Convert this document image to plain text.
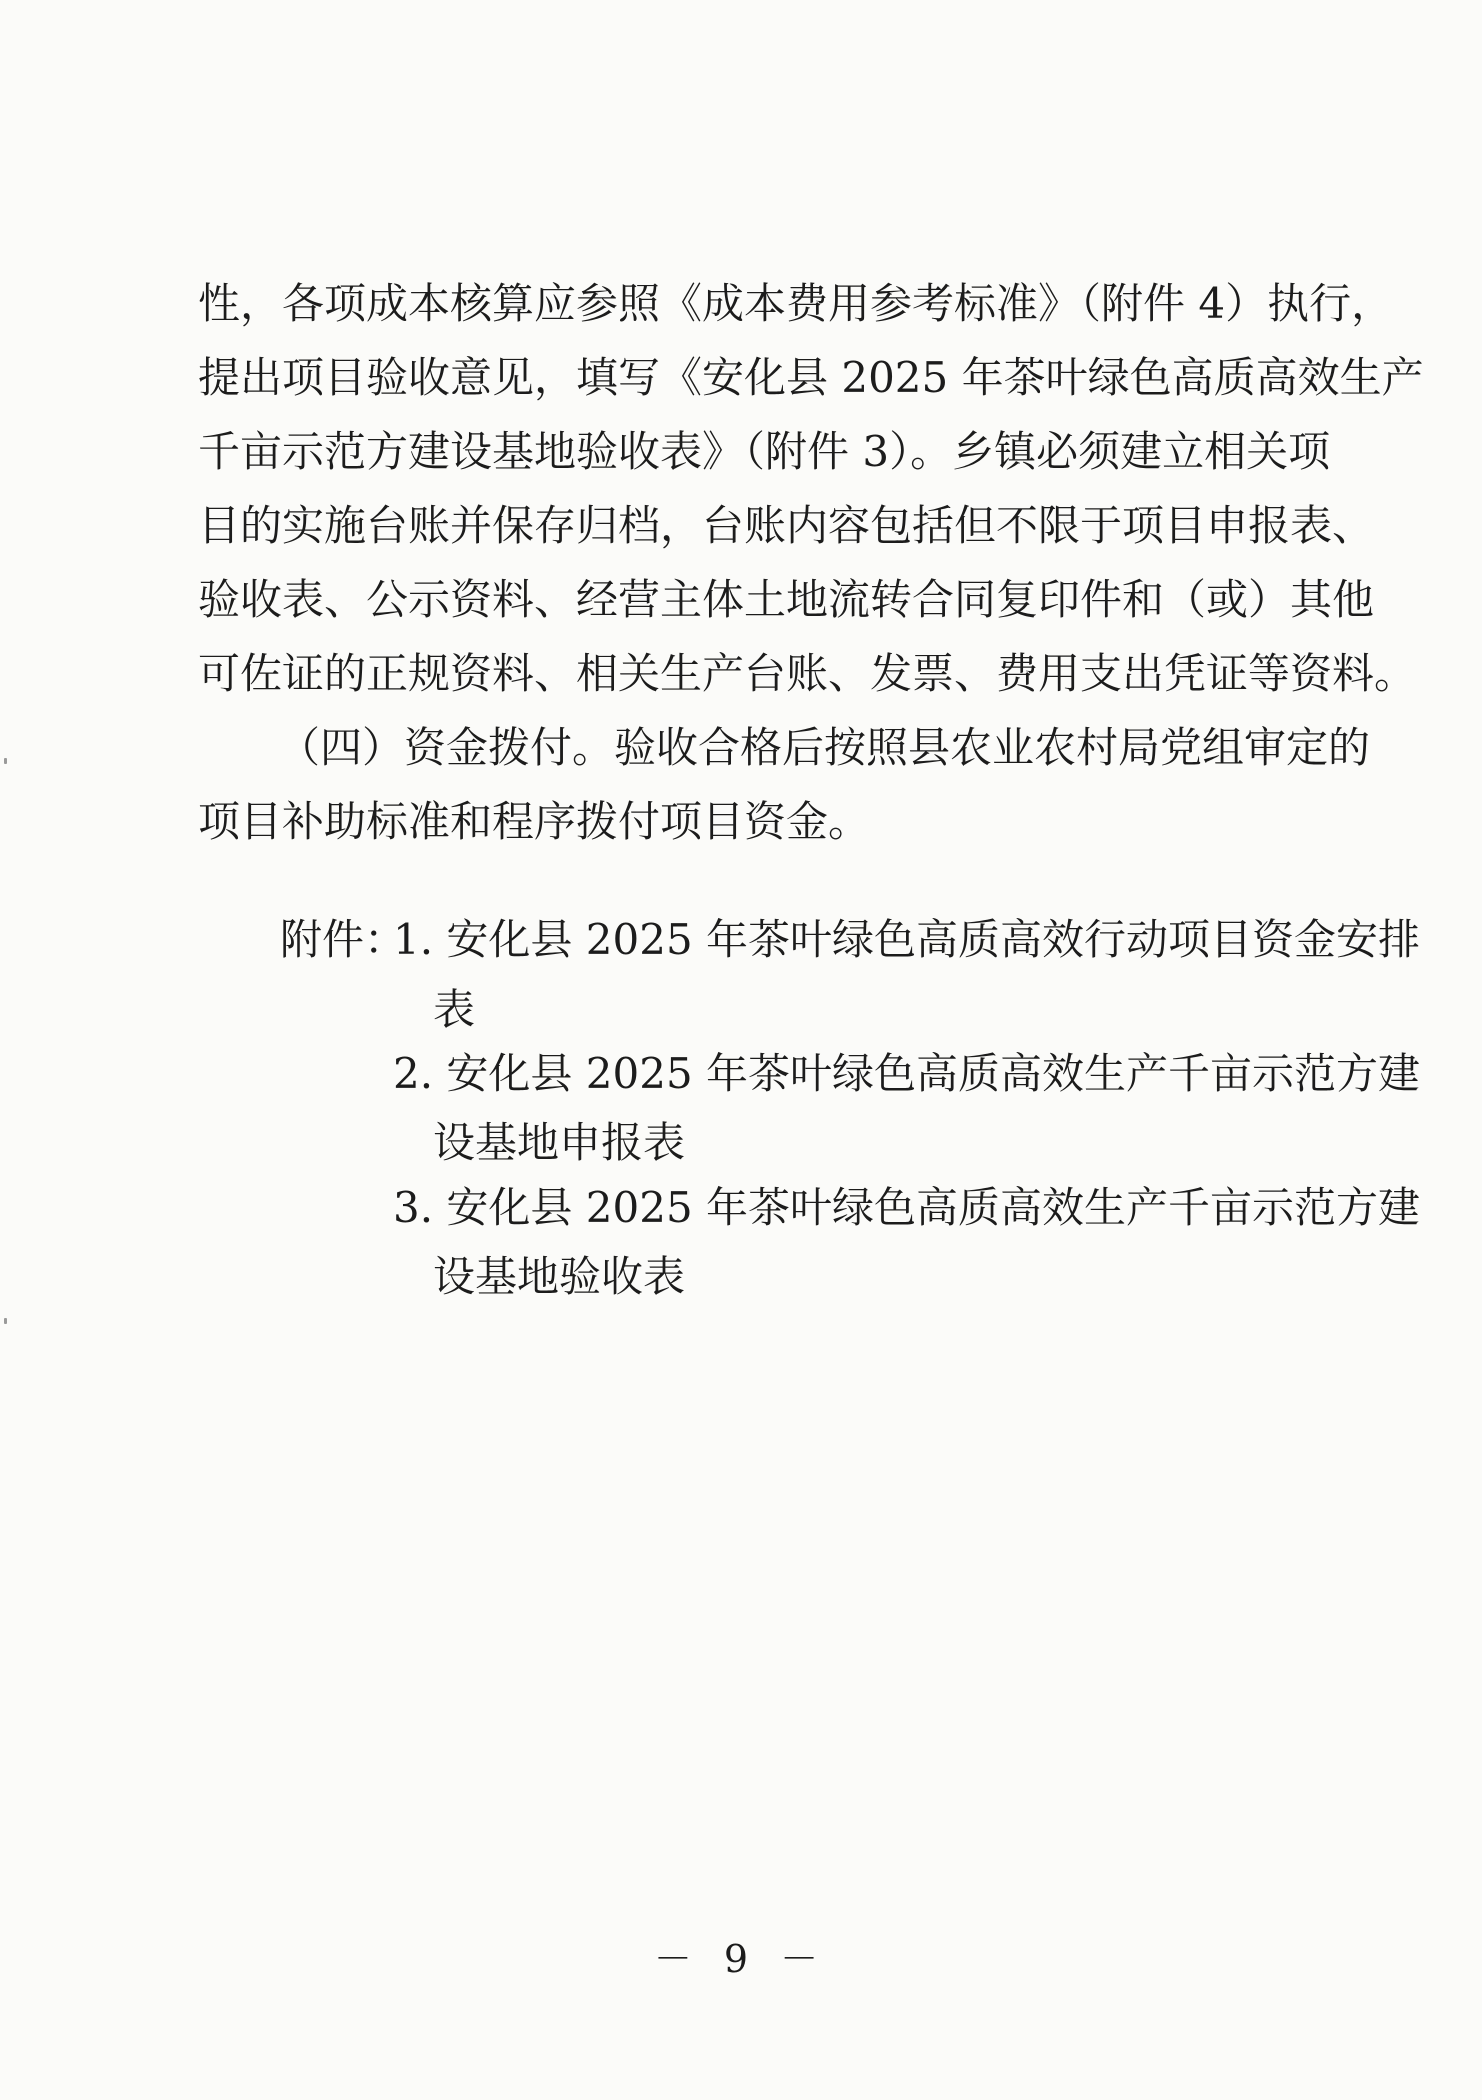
性，各项成本核算应参照《成本费用参考标准》（附件 4）执行，
提出项目验收意见，填写《安化县 2025 年茶叶绿色高质高效生产
千亩示范方建设基地验收表》（附件 3）。乡镇必须建立相关项
目的实施台账并保存归档，台账内容包括但不限于项目申报表、
验收表、公示资料、经营主体土地流转合同复印件和（或）其他
可佐证的正规资料、相关生产台账、发票、费用支出凭证等资料。
（四）资金拨付。验收合格后按照县农业农村局党组审定的
项目补助标准和程序拨付项目资金。
附件：
1. 安化县 2025 年茶叶绿色高质高效行动项目资金安排
表
2. 安化县 2025 年茶叶绿色高质高效生产千亩示范方建
设基地申报表
3. 安化县 2025 年茶叶绿色高质高效生产千亩示范方建
设基地验收表
－ 9 －
